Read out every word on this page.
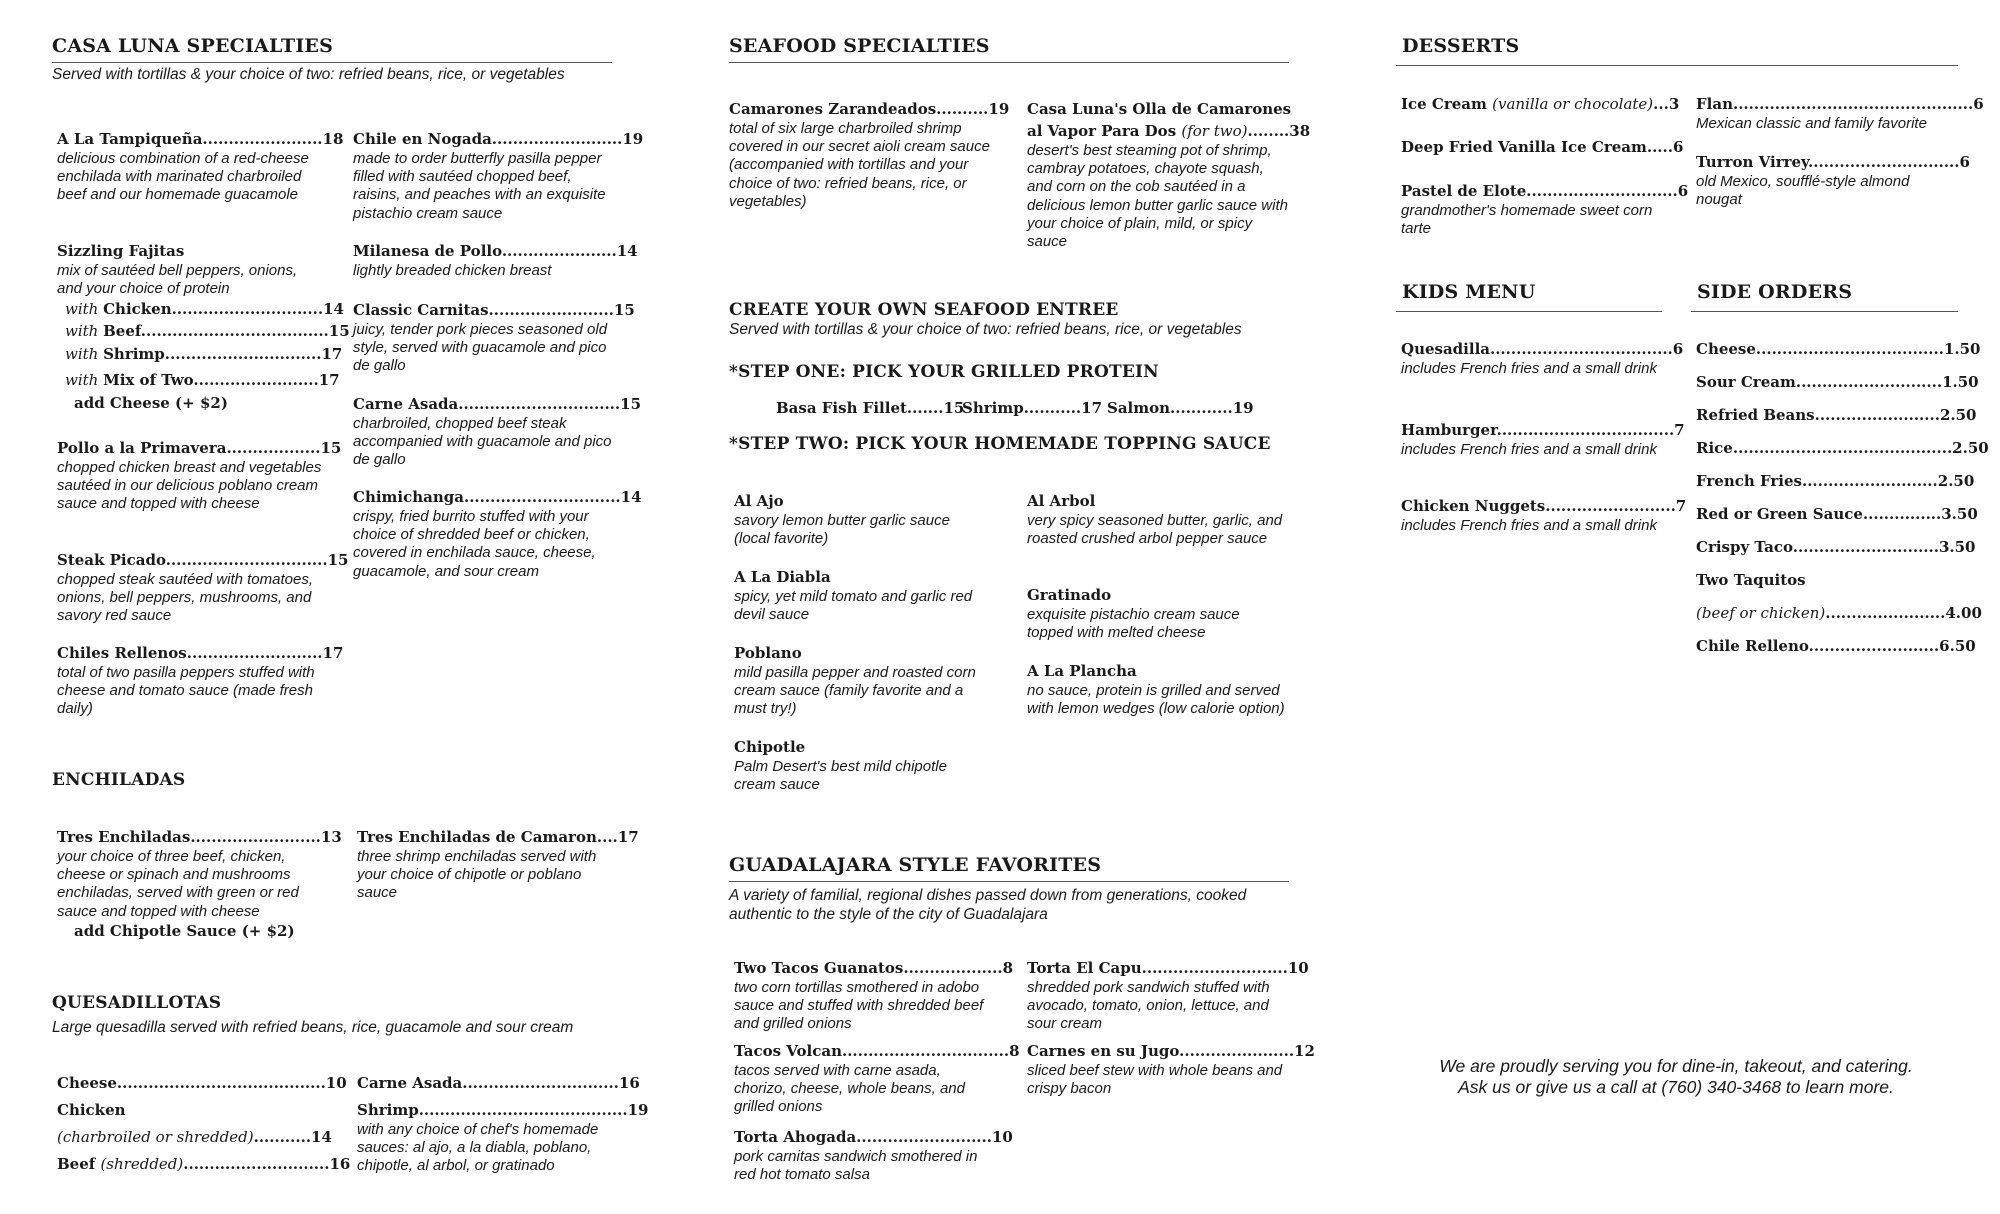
CASA LUNA SPECIALTIES
Served with tortillas & your choice of two: refried beans, rice, or vegetables
A La Tampiqueña.......................18
delicious combination of a red-cheese enchilada with marinated charbroiled beef and our homemade guacamole
Chile en Nogada.........................19
made to order butterfly pasilla pepper filled with sautéed chopped beef, raisins, and peaches with an exquisite pistachio cream sauce
Sizzling Fajitas
mix of sautéed bell peppers, onions, and your choice of protein
with Chicken.............................14
with Beef....................................15
with Shrimp..............................17
with Mix of Two........................17
add Cheese (+ $2)
Milanesa de Pollo......................14
lightly breaded chicken breast
Classic Carnitas........................15
juicy, tender pork pieces seasoned old style, served with guacamole and pico de gallo
Carne Asada...............................15
charbroiled, chopped beef steak accompanied with guacamole and pico de gallo
Pollo a la Primavera..................15
chopped chicken breast and vegetables sautéed in our delicious poblano cream sauce and topped with cheese	Chimichanga..............................14
crispy, fried burrito stuffed with your choice of shredded beef or chicken, covered in enchilada sauce, cheese, guacamole, and sour cream
Steak Picado...............................15
chopped steak sautéed with tomatoes, onions, bell peppers, mushrooms, and savory red sauce
Chiles Rellenos..........................17
total of two pasilla peppers stuffed with cheese and tomato sauce (made fresh daily)
ENCHILADAS
Tres Enchiladas.........................13
your choice of three beef, chicken, cheese or spinach and mushrooms enchiladas, served with green or red sauce and topped with cheese
add Chipotle Sauce (+ $2)
Tres Enchiladas de Camaron....17
three shrimp enchiladas served with your choice of chipotle or poblano sauce
QUESADILLOTAS
Large quesadilla served with refried beans, rice, guacamole and sour cream
Cheese........................................10
Chicken
(charbroiled or shredded)...........14
Beef (shredded)............................16
Carne Asada..............................16
Shrimp........................................19
with any choice of chef's homemade sauces: al ajo, a la diabla, poblano, chipotle, al arbol, or gratinado
SEAFOOD SPECIALTIES
Camarones Zarandeados..........19
total of six large charbroiled shrimp covered in our secret aioli cream sauce (accompanied with tortillas and your choice of two: refried beans, rice, or vegetables)
Casa Luna's Olla de Camarones
al Vapor Para Dos (for two)........38
desert's best steaming pot of shrimp, cambray potatoes, chayote squash, and corn on the cob sautéed in a delicious lemon butter garlic sauce with your choice of plain, mild, or spicy sauce
CREATE YOUR OWN SEAFOOD ENTREE
Served with tortillas & your choice of two: refried beans, rice, or vegetables
*STEP ONE: PICK YOUR GRILLED PROTEIN
Basa Fish Fillet.......15
Shrimp...........17 Salmon............19
*STEP TWO: PICK YOUR HOMEMADE TOPPING SAUCE
Al Ajo
savory lemon butter garlic sauce (local favorite)
Al Arbol
very spicy seasoned butter, garlic, and roasted crushed arbol pepper sauce
A La Diabla
spicy, yet mild tomato and garlic red devil sauce
Gratinado
exquisite pistachio cream sauce topped with melted cheese
Poblano
mild pasilla pepper and roasted corn cream sauce (family favorite and a must try!)
A La Plancha
no sauce, protein is grilled and served with lemon wedges (low calorie option)
Chipotle
Palm Desert's best mild chipotle cream sauce
GUADALAJARA STYLE FAVORITES
A variety of familial, regional dishes passed down from generations, cooked authentic to the style of the city of Guadalajara
Two Tacos Guanatos...................8
two corn tortillas smothered in adobo sauce and stuffed with shredded beef and grilled onions
Torta El Capu............................10
shredded pork sandwich stuffed with avocado, tomato, onion, lettuce, and sour cream
Tacos Volcan................................8
tacos served with carne asada, chorizo, cheese, whole beans, and grilled onions
Carnes en su Jugo......................12
sliced beef stew with whole beans and crispy bacon
Torta Ahogada..........................10
pork carnitas sandwich smothered in red hot tomato salsa
DESSERTS
Ice Cream (vanilla or chocolate)...3
Deep Fried Vanilla Ice Cream.....6
Pastel de Elote.............................6
grandmother's homemade sweet corn tarte
Flan..............................................6
Mexican classic and family favorite
Turron Virrey.............................6
old Mexico, soufflé-style almond nougat
KIDS MENU
Quesadilla...................................6
includes French fries and a small drink
Hamburger..................................7
includes French fries and a small drink
Chicken Nuggets.........................7
includes French fries and a small drink
SIDE ORDERS
Cheese....................................1.50
Sour Cream............................1.50
Refried Beans........................2.50
Rice..........................................2.50
French Fries..........................2.50
Red or Green Sauce...............3.50
Crispy Taco............................3.50
Two Taquitos
(beef or chicken).......................4.00
Chile Relleno.........................6.50
We are proudly serving you for dine-in, takeout, and catering.
Ask us or give us a call at (760) 340-3468 to learn more.
